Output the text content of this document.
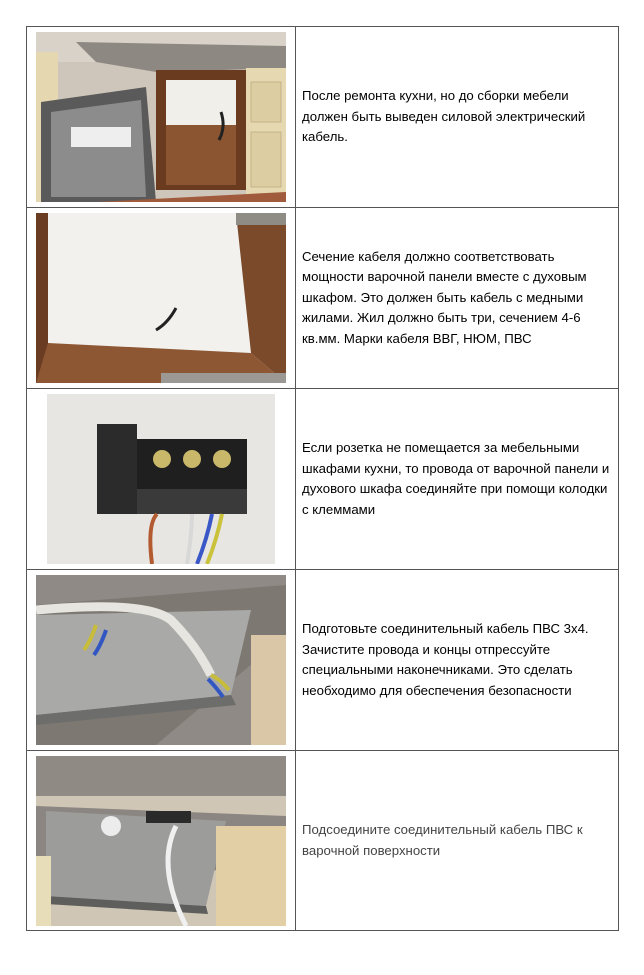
	После ремонта кухни, но до сборки мебели должен быть выведен силовой электрический кабель.

	Сечение кабеля должно соответствовать мощности варочной панели вместе с духовым шкафом. Это должен быть кабель с медными жилами. Жил должно быть три, сечением 4-6 кв.мм. Марки кабеля ВВГ, НЮМ, ПВС

	Если розетка не помещается за мебельными шкафами кухни, то провода от варочной панели и духового шкафа соединяйте при помощи колодки с клеммами

	Подготовьте соединительный кабель ПВС 3х4. Зачистите провода и концы отпрессуйте специальными наконечниками. Это сделать необходимо для обеспечения безопасности

	Подсоедините соединительный кабель ПВС к варочной поверхности
